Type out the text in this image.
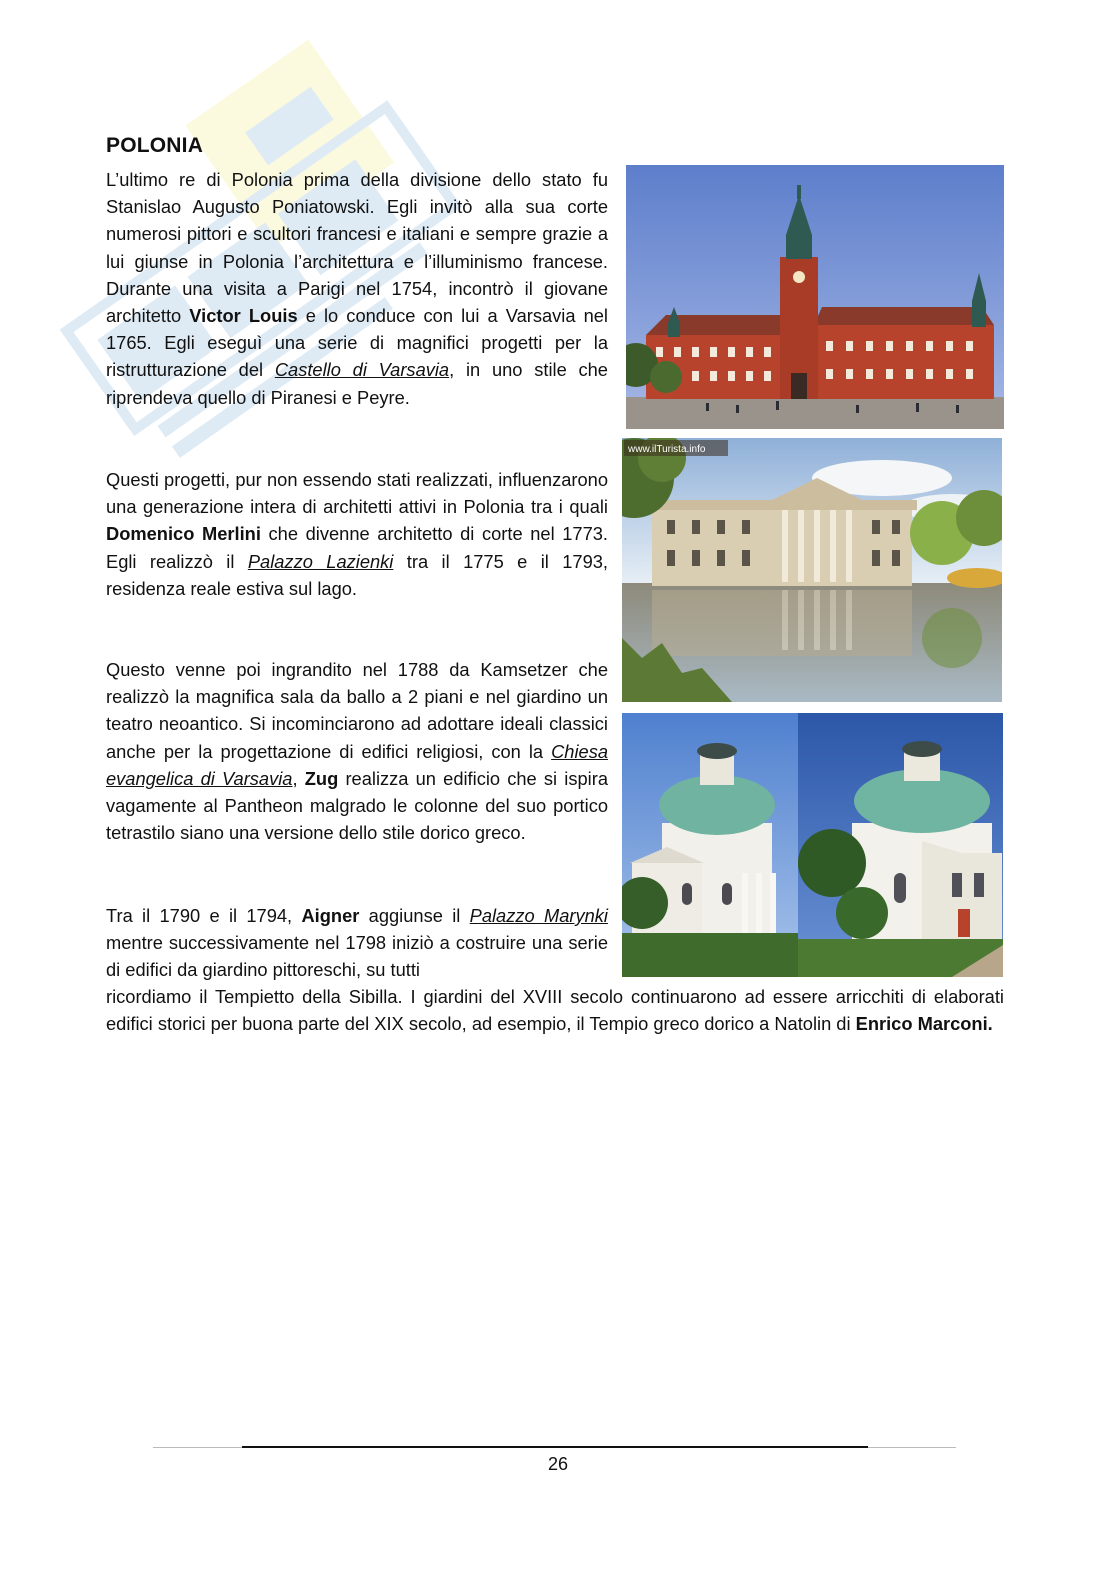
POLONIA
L’ultimo re di Polonia prima della divisione dello stato fu Stanislao Augusto Poniatowski. Egli invitò alla sua corte numerosi pittori e scultori francesi e italiani e sempre grazie a lui giunse in Polonia l’architettura e l’illuminismo francese. Durante una visita a Parigi nel 1754, incontrò il giovane architetto Victor Louis e lo conduce con lui a Varsavia nel 1765. Egli eseguì una serie di magnifici progetti per la ristrutturazione del Castello di Varsavia, in uno stile che riprendeva quello di Piranesi e Peyre.
Questi progetti, pur non essendo stati realizzati, influenzarono una generazione intera di architetti attivi in Polonia tra i quali Domenico Merlini che divenne architetto di corte nel 1773. Egli realizzò il Palazzo Lazienki tra il 1775 e il 1793, residenza reale estiva sul lago.
Questo venne poi ingrandito nel 1788 da Kamsetzer che realizzò la magnifica sala da ballo a 2 piani e nel giardino un teatro neoantico. Si incominciarono ad adottare ideali classici anche per la progettazione di edifici religiosi, con la Chiesa evangelica di Varsavia, Zug realizza un edificio che si ispira vagamente al Pantheon malgrado le colonne del suo portico tetrastilo siano una versione dello stile dorico greco.
Tra il 1790 e il 1794, Aigner aggiunse il Palazzo Marynki mentre successivamente nel 1798 iniziò a costruire una serie di edifici da giardino pittoreschi, su tutti
ricordiamo il Tempietto della Sibilla. I giardini del XVIII secolo continuarono ad essere arricchiti di elaborati edifici storici per buona parte del XIX secolo, ad esempio, il Tempio greco dorico a Natolin di Enrico Marconi.
www.ilTurista.info
26
